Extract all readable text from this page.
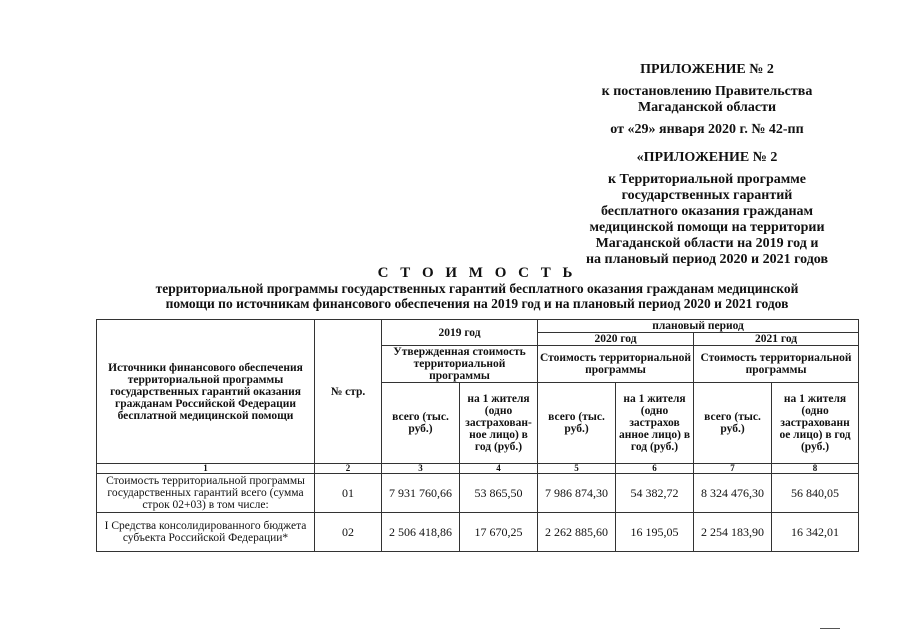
ПРИЛОЖЕНИЕ № 2
к постановлению Правительства
Магаданской области
от «29» января 2020 г. № 42-пп
«ПРИЛОЖЕНИЕ № 2
к Территориальной программе
государственных гарантий
бесплатного оказания гражданам
медицинской помощи на территории
Магаданской области на 2019 год и
на плановый период 2020 и 2021 годов
С Т О И М О С Т Ь
территориальной программы государственных гарантий бесплатного оказания гражданам медицинской
помощи по источникам финансового обеспечения на 2019 год и на плановый период 2020 и 2021 годов
Источники финансового обеспечения территориальной программы государственных гарантий оказания гражданам Российской Федерации бесплатной медицинской помощи	№ стр.	2019 год		плановый период			
				2020 год		2021 год	
		Утвержденная стоимость территориальной программы		Стоимость территориальной программы		Стоимость территориальной программы	
		всего (тыс. руб.)	на 1 жителя (одно застрахован-ное лицо) в год (руб.)	всего (тыс. руб.)	на 1 жителя (одно застрахов анное лицо) в год (руб.)	всего (тыс. руб.)	на 1 жителя (одно застрахованн ое лицо) в год (руб.)
1	2	3	4	5	6	7	8
Стоимость территориальной программы государственных гарантий всего (сумма строк 02+03) в том числе:	01	7 931 760,66	53 865,50	7 986 874,30	54 382,72	8 324 476,30	56 840,05
I Средства консолидированного бюджета субъекта Российской Федерации*	02	2 506 418,86	17 670,25	2 262 885,60	16 195,05	2 254 183,90	16 342,01
